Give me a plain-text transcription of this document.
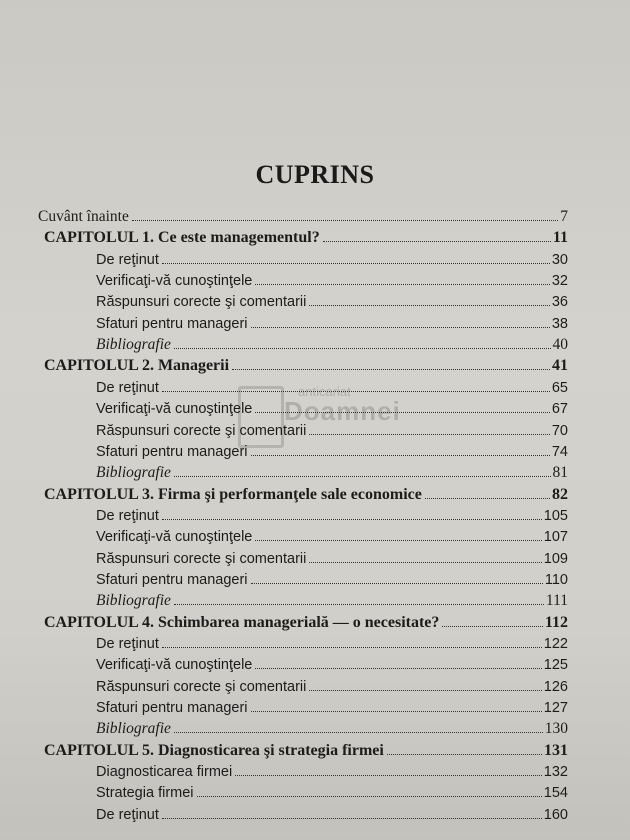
CUPRINS
anticariat
Doamnei
Cuvânt înainte	7
CAPITOLUL 1. Ce este managementul?	11
De reţinut	30
Verificaţi-vă cunoştinţele	32
Răspunsuri corecte şi comentarii	36
Sfaturi pentru manageri	38
Bibliografie	40
CAPITOLUL 2. Managerii	41
De reţinut	65
Verificaţi-vă cunoştinţele	67
Răspunsuri corecte şi comentarii	70
Sfaturi pentru manageri	74
Bibliografie	81
CAPITOLUL 3. Firma şi performanţele sale economice	82
De reţinut	105
Verificaţi-vă cunoştinţele	107
Răspunsuri corecte şi comentarii	109
Sfaturi pentru manageri	110
Bibliografie	111
CAPITOLUL 4. Schimbarea managerială — o necesitate?	112
De reţinut	122
Verificaţi-vă cunoştinţele	125
Răspunsuri corecte şi comentarii	126
Sfaturi pentru manageri	127
Bibliografie	130
CAPITOLUL 5. Diagnosticarea şi strategia firmei	131
Diagnosticarea firmei	132
Strategia firmei	154
De reţinut	160
